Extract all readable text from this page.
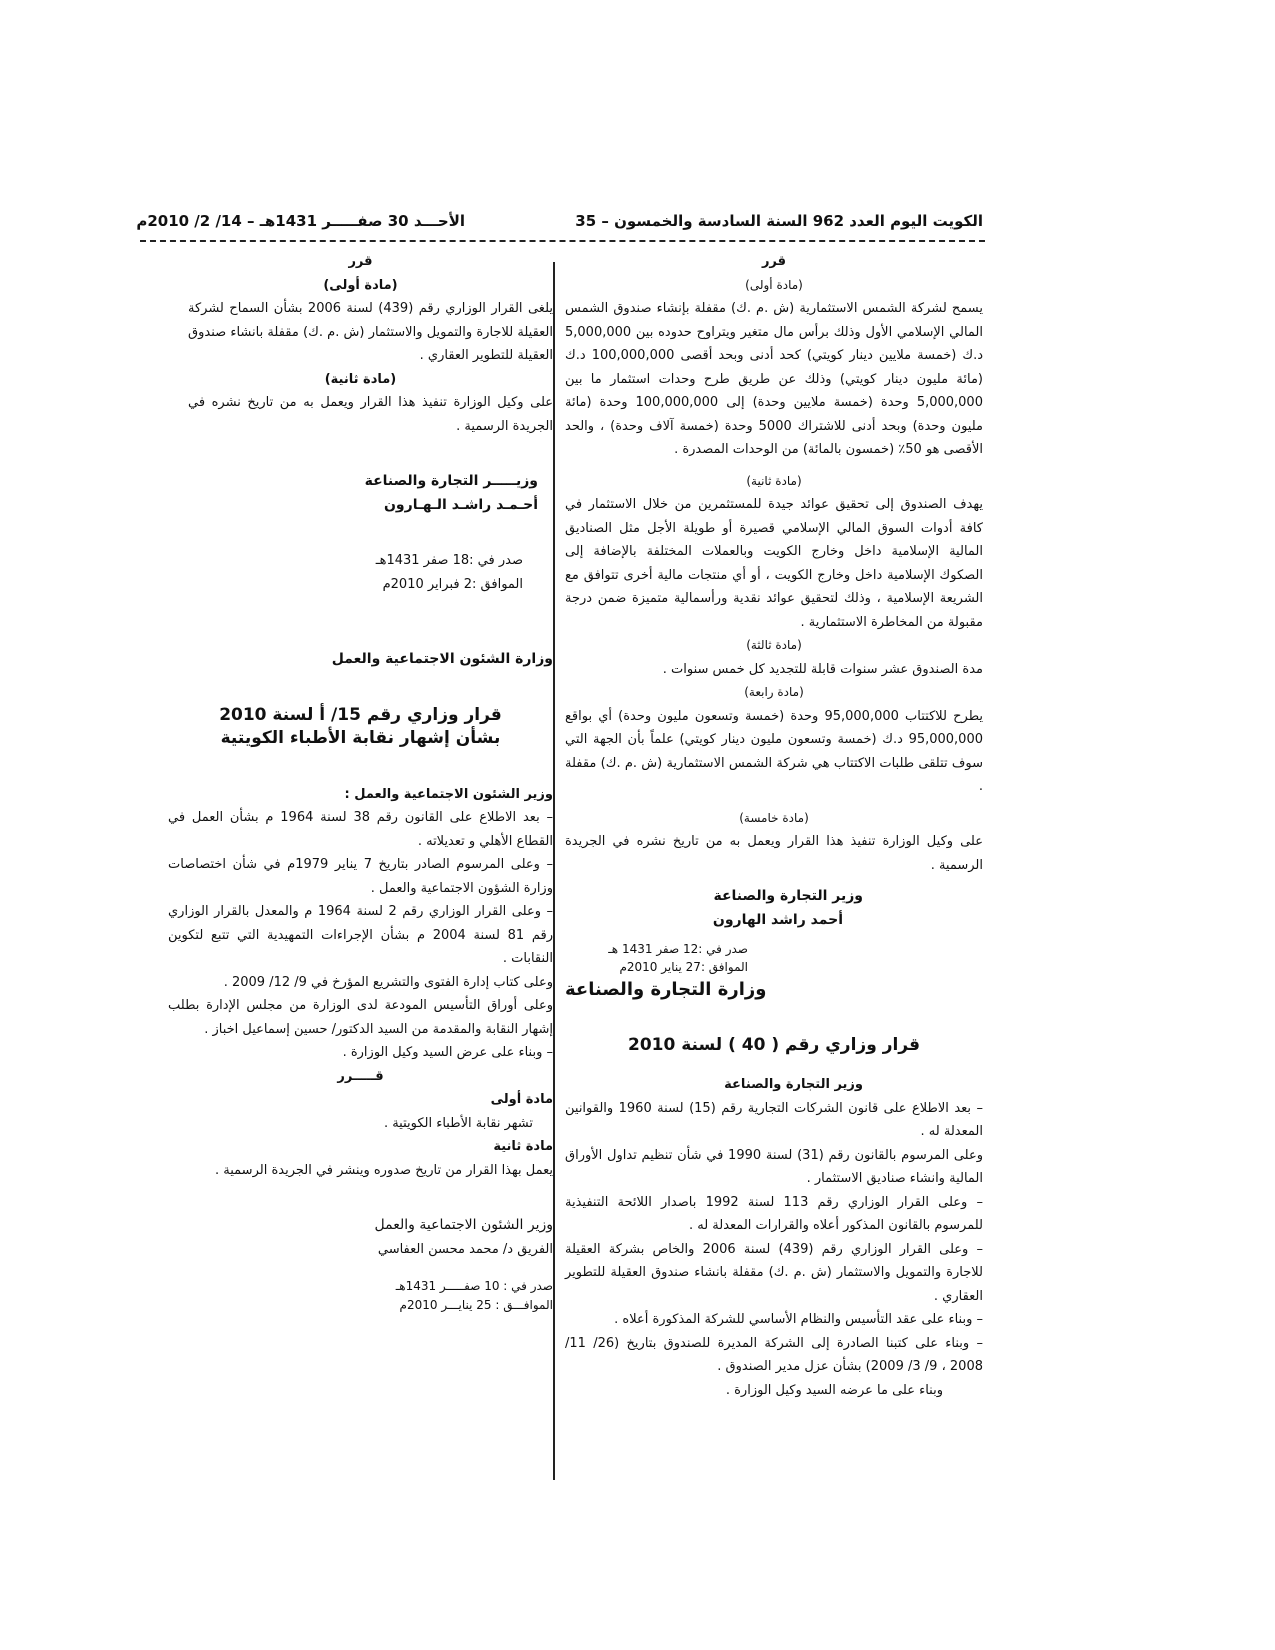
الكويت اليوم العدد 962 السنة السادسة والخمسون – 35
الأحـــد 30 صفـــــر 1431هـ – 14/ 2/ 2010م
قرر
(مادة أولى)
يسمح لشركة الشمس الاستثمارية (ش .م .ك) مقفلة بإنشاء صندوق الشمس المالي الإسلامي الأول وذلك برأس مال متغير ويتراوح حدوده بين 5,000,000 د.ك (خمسة ملايين دينار كويتي) كحد أدنى وبحد أقصى 100,000,000 د.ك (مائة مليون دينار كويتي) وذلك عن طريق طرح وحدات استثمار ما بين 5,000,000 وحدة (خمسة ملايين وحدة) إلى 100,000,000 وحدة (مائة مليون وحدة) وبحد أدنى للاشتراك 5000 وحدة (خمسة آلاف وحدة) ، والحد الأقصى هو 50٪ (خمسون بالمائة) من الوحدات المصدرة .
(مادة ثانية)
يهدف الصندوق إلى تحقيق عوائد جيدة للمستثمرين من خلال الاستثمار في كافة أدوات السوق المالي الإسلامي قصيرة أو طويلة الأجل مثل الصناديق المالية الإسلامية داخل وخارج الكويت وبالعملات المختلفة بالإضافة إلى الصكوك الإسلامية داخل وخارج الكويت ، أو أي منتجات مالية أخرى تتوافق مع الشريعة الإسلامية ، وذلك لتحقيق عوائد نقدية ورأسمالية متميزة ضمن درجة مقبولة من المخاطرة الاستثمارية .
(مادة ثالثة)
مدة الصندوق عشر سنوات قابلة للتجديد كل خمس سنوات .
(مادة رابعة)
يطرح للاكتتاب 95,000,000 وحدة (خمسة وتسعون مليون وحدة) أي بواقع 95,000,000 د.ك (خمسة وتسعون مليون دينار كويتي) علماً بأن الجهة التي سوف تتلقى طلبات الاكتتاب هي شركة الشمس الاستثمارية (ش .م .ك) مقفلة .
(مادة خامسة)
على وكيل الوزارة تنفيذ هذا القرار ويعمل به من تاريخ نشره في الجريدة الرسمية .
وزير التجارة والصناعة
أحمد راشد الهارون
صدر في :12 صفر 1431 هـ
الموافق :27 يناير 2010م
وزارة التجارة والصناعة
قرار وزاري رقم ( 40 ) لسنة 2010
وزير التجارة والصناعة
– بعد الاطلاع على قانون الشركات التجارية رقم (15) لسنة 1960 والقوانين المعدلة له .
وعلى المرسوم بالقانون رقم (31) لسنة 1990 في شأن تنظيم تداول الأوراق المالية وانشاء صناديق الاستثمار .
– وعلى القرار الوزاري رقم 113 لسنة 1992 باصدار اللائحة التنفيذية للمرسوم بالقانون المذكور أعلاه والقرارات المعدلة له .
– وعلى القرار الوزاري رقم (439) لسنة 2006 والخاص بشركة العقيلة للاجارة والتمويل والاستثمار (ش .م .ك) مقفلة بانشاء صندوق العقيلة للتطوير العقاري .
– وبناء على عقد التأسيس والنظام الأساسي للشركة المذكورة أعلاه .
– وبناء على كتبنا الصادرة إلى الشركة المديرة للصندوق بتاريخ (26/ 11/ 2008 ، 9/ 3/ 2009) بشأن عزل مدير الصندوق .
وبناء على ما عرضه السيد وكيل الوزارة .
قرر
(مادة أولى)
يلغى القرار الوزاري رقم (439) لسنة 2006 بشأن السماح لشركة العقيلة للاجارة والتمويل والاستثمار (ش .م .ك) مقفلة بانشاء صندوق العقيلة للتطوير العقاري .
(مادة ثانية)
على وكيل الوزارة تنفيذ هذا القرار ويعمل به من تاريخ نشره في الجريدة الرسمية .
وزيـــــر التجارة والصناعة
أحـمـد راشـد الـهـارون
صدر في :18 صفر 1431هـ
الموافق :2 فبراير 2010م
وزارة الشئون الاجتماعية والعمل
قرار وزاري رقم 15/ أ لسنة 2010
بشأن إشهار نقابة الأطباء الكويتية
وزير الشئون الاجتماعية والعمل :
– بعد الاطلاع على القانون رقم 38 لسنة 1964 م بشأن العمل في القطاع الأهلي و تعديلاته .
– وعلى المرسوم الصادر بتاريخ 7 يناير 1979م في شأن اختصاصات وزارة الشؤون الاجتماعية والعمل .
– وعلى القرار الوزاري رقم 2 لسنة 1964 م والمعدل بالقرار الوزاري رقم 81 لسنة 2004 م بشأن الإجراءات التمهيدية التي تتبع لتكوين النقابات .
وعلى كتاب إدارة الفتوى والتشريع المؤرخ في 9/ 12/ 2009 .
وعلى أوراق التأسيس المودعة لدى الوزارة من مجلس الإدارة بطلب إشهار النقابة والمقدمة من السيد الدكتور/ حسين إسماعيل اخباز .
– وبناء على عرض السيد وكيل الوزارة .
قـــــرر
مادة أولى
تشهر نقابة الأطباء الكويتية .
مادة ثانية
يعمل بهذا القرار من تاريخ صدوره وينشر في الجريدة الرسمية .
وزير الشئون الاجتماعية والعمل
الفريق د/ محمد محسن العفاسي
صدر في : 10 صفـــــر 1431هـ
الموافـــق : 25 ينايـــر 2010م
